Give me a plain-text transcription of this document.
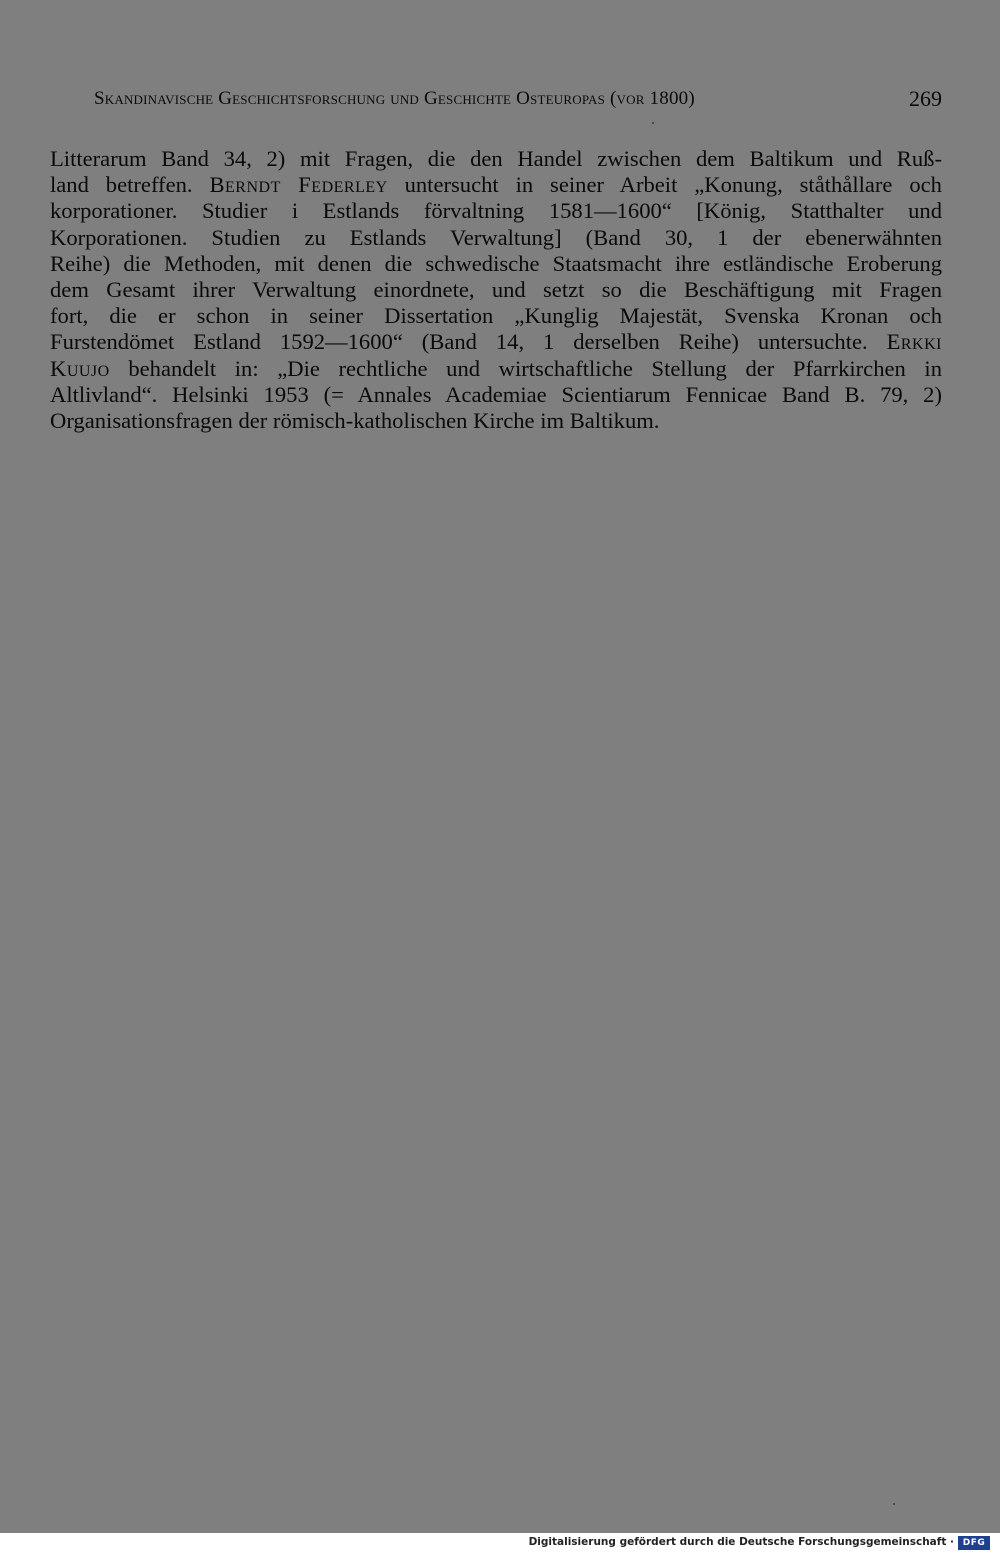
Skandinavische Geschichtsforschung und Geschichte Osteuropas (vor 1800)	269
Litterarum Band 34, 2) mit Fragen, die den Handel zwischen dem Baltikum und Ruß-
land betreffen. Berndt Federley untersucht in seiner Arbeit „Konung, ståthållare och
korporationer. Studier i Estlands förvaltning 1581—1600“ [König, Statthalter und
Korporationen. Studien zu Estlands Verwaltung] (Band 30, 1 der ebenerwähnten
Reihe) die Methoden, mit denen die schwedische Staatsmacht ihre estländische Eroberung
dem Gesamt ihrer Verwaltung einordnete, und setzt so die Beschäftigung mit Fragen
fort, die er schon in seiner Dissertation „Kunglig Majestät, Svenska Kronan och
Furstendömet Estland 1592—1600“ (Band 14, 1 derselben Reihe) untersuchte. Erkki
Kuujo behandelt in: „Die rechtliche und wirtschaftliche Stellung der Pfarrkirchen in
Altlivland“. Helsinki 1953 (= Annales Academiae Scientiarum Fennicae Band B. 79, 2)
Organisationsfragen der römisch-katholischen Kirche im Baltikum.
Digitalisierung gefördert durch die Deutsche Forschungsgemeinschaft · DFG
